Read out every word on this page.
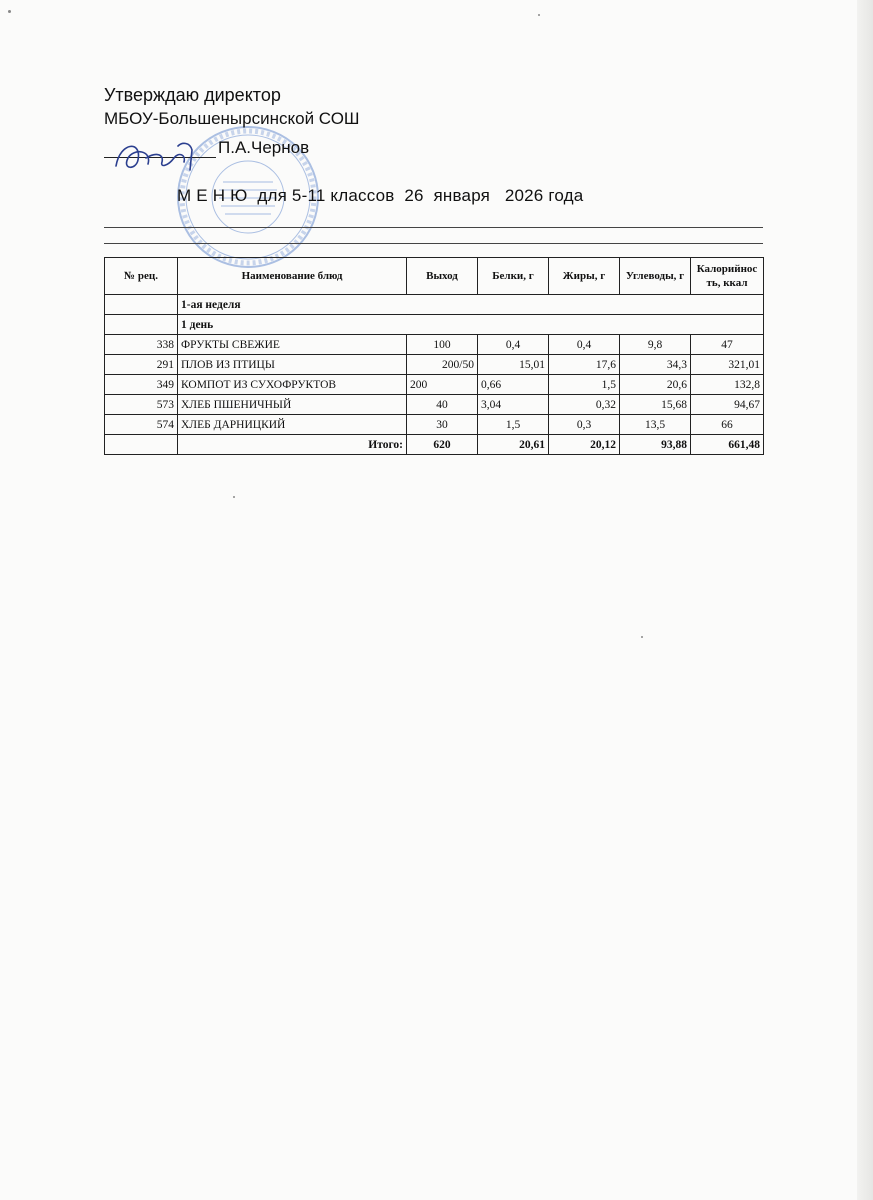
Утверждаю директор

МБОУ-Большенырсинской СОШ

П.А.Чернов
М Е Н Ю  для 5-11 классов  26  января   2026 года
№ рец.	Наименование блюд	Выход	Белки, г	Жиры, г	Углеводы, г	Калорийность, ккал
	1-ая неделя					
	1 день					
338	ФРУКТЫ СВЕЖИЕ	100	0,4	0,4	9,8	47
291	ПЛОВ ИЗ ПТИЦЫ	200/50	15,01	17,6	34,3	321,01
349	КОМПОТ ИЗ СУХОФРУКТОВ	200	0,66	1,5	20,6	132,8
573	ХЛЕБ ПШЕНИЧНЫЙ	40	3,04	0,32	15,68	94,67
574	ХЛЕБ ДАРНИЦКИЙ	30	1,5	0,3	13,5	66
	Итого:	620	20,61	20,12	93,88	661,48
